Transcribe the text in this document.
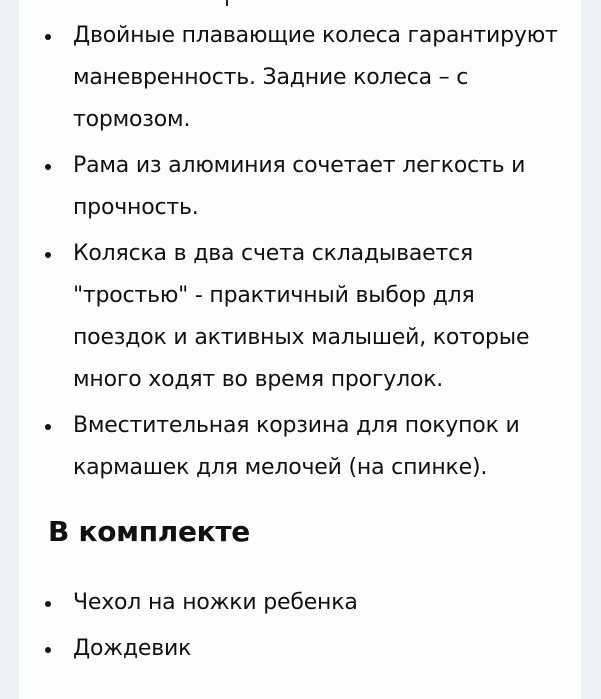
Двойные плавающие колеса гарантируют маневренность. Задние колеса – с тормозом.
Рама из алюминия сочетает легкость и прочность.
Коляска в два счета складывается "тростью" - практичный выбор для поездок и активных малышей, которые много ходят во время прогулок.
Вместительная корзина для покупок и кармашек для мелочей (на спинке).
В комплекте
Чехол на ножки ребенка
Дождевик
